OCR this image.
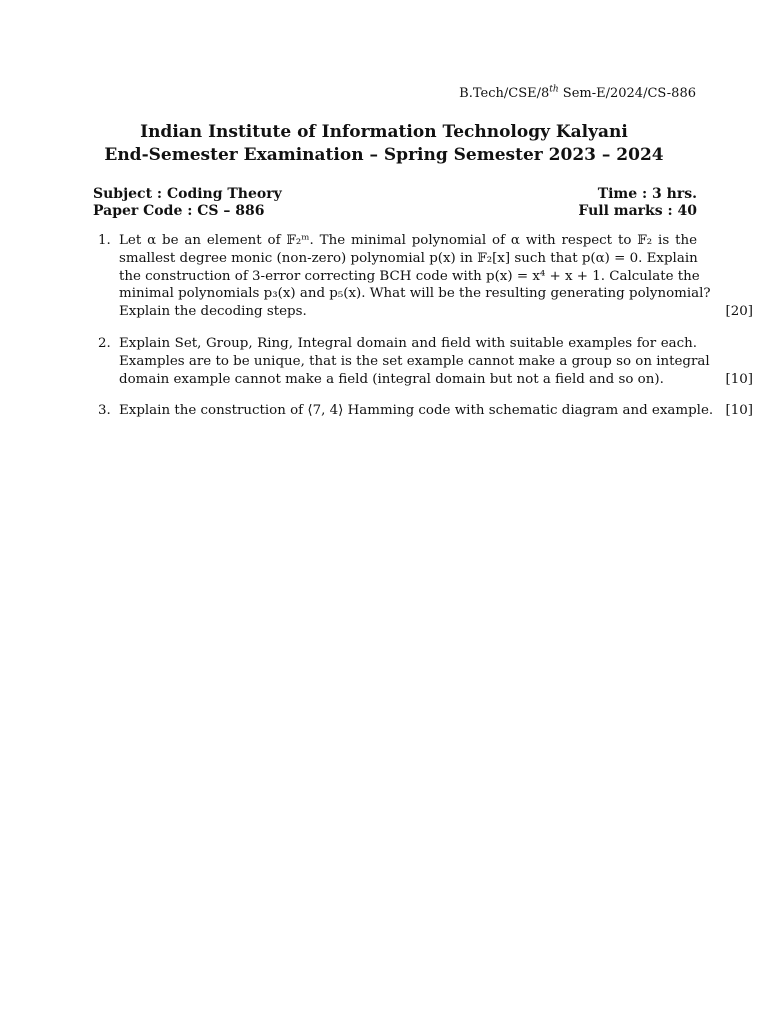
B.Tech/CSE/8th Sem-E/2024/CS-886
Indian Institute of Information Technology Kalyani
End-Semester Examination – Spring Semester 2023 – 2024
Subject : Coding Theory	Time : 3 hrs.
Paper Code : CS – 886	Full marks : 40
1. Let α be an element of 𝔽₂ᵐ. The minimal polynomial of α with respect to 𝔽₂ is the
smallest degree monic (non-zero) polynomial p(x) in 𝔽₂[x] such that p(α) = 0. Explain
the construction of 3-error correcting BCH code with p(x) = x⁴ + x + 1. Calculate the
minimal polynomials p₃(x) and p₅(x). What will be the resulting generating polynomial?
Explain the decoding steps.	[20]
2. Explain Set, Group, Ring, Integral domain and field with suitable examples for each.
Examples are to be unique, that is the set example cannot make a group so on integral
domain example cannot make a field (integral domain but not a field and so on).	[10]
3. Explain the construction of ⟨7, 4⟩ Hamming code with schematic diagram and example. [10]
